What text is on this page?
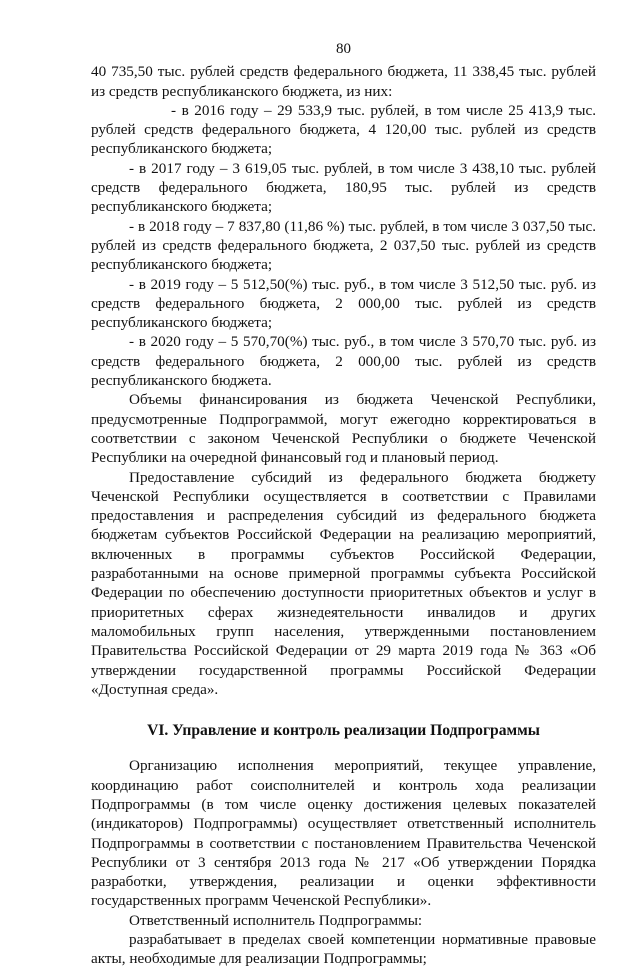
80

40 735,50 тыс. рублей средств федерального бюджета, 11 338,45 тыс. рублей из средств республиканского бюджета, из них:

- в 2016 году – 29 533,9 тыс. рублей, в том числе 25 413,9 тыс. рублей средств федерального бюджета, 4 120,00 тыс. рублей из средств республиканского бюджета;

- в 2017 году – 3 619,05 тыс. рублей, в том числе 3 438,10 тыс. рублей средств федерального бюджета, 180,95 тыс. рублей из средств республиканского бюджета;

- в 2018 году – 7 837,80 (11,86 %) тыс. рублей, в том числе 3 037,50 тыс. рублей из средств федерального бюджета, 2 037,50 тыс. рублей из средств республиканского бюджета;

- в 2019 году – 5 512,50(%) тыс. руб., в том числе 3 512,50 тыс. руб. из средств федерального бюджета, 2 000,00 тыс. рублей из средств республиканского бюджета;

- в 2020 году – 5 570,70(%) тыс. руб., в том числе 3 570,70 тыс. руб. из средств федерального бюджета, 2 000,00 тыс. рублей из средств республиканского бюджета.

Объемы финансирования из бюджета Чеченской Республики, предусмотренные Подпрограммой, могут ежегодно корректироваться в соответствии с законом Чеченской Республики о бюджете Чеченской Республики на очередной финансовый год и плановый период.

Предоставление субсидий из федерального бюджета бюджету Чеченской Республики осуществляется в соответствии с Правилами предоставления и распределения субсидий из федерального бюджета бюджетам субъектов Российской Федерации на реализацию мероприятий, включенных в программы субъектов Российской Федерации, разработанными на основе примерной программы субъекта Российской Федерации по обеспечению доступности приоритетных объектов и услуг в приоритетных сферах жизнедеятельности инвалидов и других маломобильных групп населения, утвержденными постановлением Правительства Российской Федерации от 29 марта 2019 года № 363 «Об утверждении государственной программы Российской Федерации «Доступная среда».

VI. Управление и контроль реализации Подпрограммы

Организацию исполнения мероприятий, текущее управление, координацию работ соисполнителей и контроль хода реализации Подпрограммы (в том числе оценку достижения целевых показателей (индикаторов) Подпрограммы) осуществляет ответственный исполнитель Подпрограммы в соответствии с постановлением Правительства Чеченской Республики от 3 сентября 2013 года № 217 «Об утверждении Порядка разработки, утверждения, реализации и оценки эффективности государственных программ Чеченской Республики».

Ответственный исполнитель Подпрограммы:

разрабатывает в пределах своей компетенции нормативные правовые акты, необходимые для реализации Подпрограммы;
